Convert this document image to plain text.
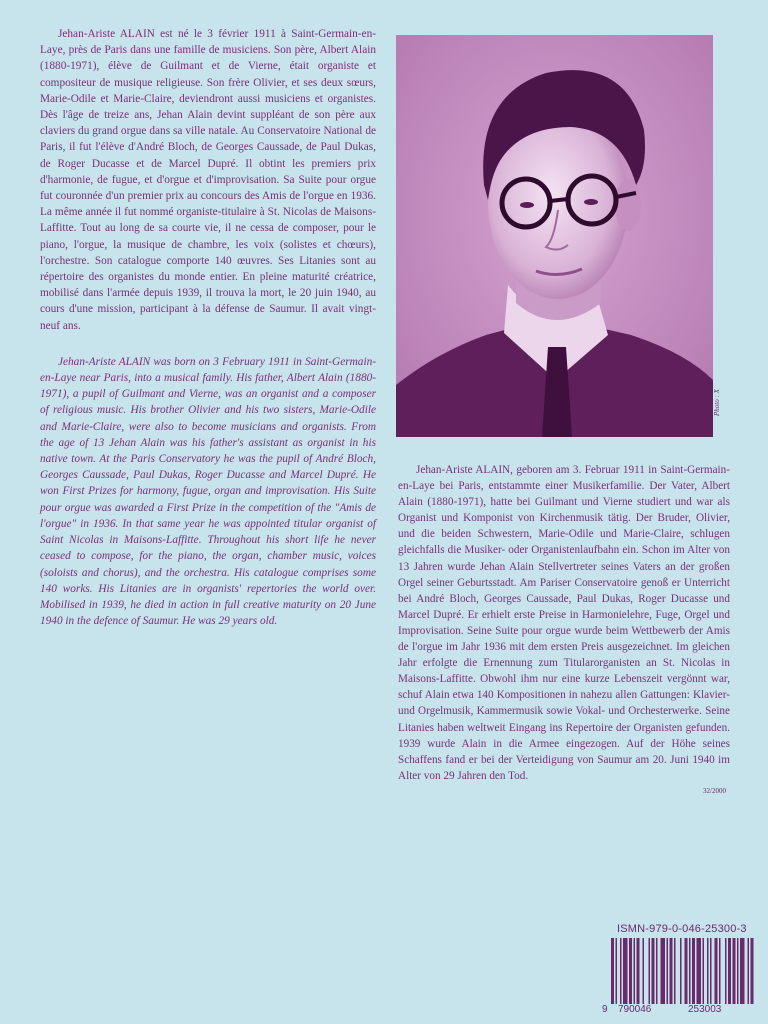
Jehan-Ariste ALAIN est né le 3 février 1911 à Saint-Germain-en-Laye, près de Paris dans une famille de musiciens. Son père, Albert Alain (1880-1971), élève de Guilmant et de Vierne, était organiste et compositeur de musique religieuse. Son frère Olivier, et ses deux sœurs, Marie-Odile et Marie-Claire, deviendront aussi musiciens et organistes. Dès l'âge de treize ans, Jehan Alain devint suppléant de son père aux claviers du grand orgue dans sa ville natale. Au Conservatoire National de Paris, il fut l'élève d'André Bloch, de Georges Caussade, de Paul Dukas, de Roger Ducasse et de Marcel Dupré. Il obtint les premiers prix d'harmonie, de fugue, et d'orgue et d'improvisation. Sa Suite pour orgue fut couronnée d'un premier prix au concours des Amis de l'orgue en 1936. La même année il fut nommé organiste-titulaire à St. Nicolas de Maisons-Laffitte. Tout au long de sa courte vie, il ne cessa de composer, pour le piano, l'orgue, la musique de chambre, les voix (solistes et chœurs), l'orchestre. Son catalogue comporte 140 œuvres. Ses Litanies sont au répertoire des organistes du monde entier. En pleine maturité créatrice, mobilisé dans l'armée depuis 1939, il trouva la mort, le 20 juin 1940, au cours d'une mission, participant à la défense de Saumur. Il avait vingt-neuf ans.

Jehan-Ariste ALAIN was born on 3 February 1911 in Saint-Germain-en-Laye near Paris, into a musical family. His father, Albert Alain (1880-1971), a pupil of Guilmant and Vierne, was an organist and a composer of religious music. His brother Olivier and his two sisters, Marie-Odile and Marie-Claire, were also to become musicians and organists. From the age of 13 Jehan Alain was his father's assistant as organist in his native town. At the Paris Conservatory he was the pupil of André Bloch, Georges Caussade, Paul Dukas, Roger Ducasse and Marcel Dupré. He won First Prizes for harmony, fugue, organ and improvisation. His Suite pour orgue was awarded a First Prize in the competition of the "Amis de l'orgue" in 1936. In that same year he was appointed titular organist of Saint Nicolas in Maisons-Laffitte. Throughout his short life he never ceased to compose, for the piano, the organ, chamber music, voices (soloists and chorus), and the orchestra. His catalogue comprises some 140 works. His Litanies are in organists' repertories the world over. Mobilised in 1939, he died in action in full creative maturity on 20 June 1940 in the defence of Saumur. He was 29 years old.

Photo : X

Jehan-Ariste ALAIN, geboren am 3. Februar 1911 in Saint-Germain-en-Laye bei Paris, entstammte einer Musikerfamilie. Der Vater, Albert Alain (1880-1971), hatte bei Guilmant und Vierne studiert und war als Organist und Komponist von Kirchenmusik tätig. Der Bruder, Olivier, und die beiden Schwestern, Marie-Odile und Marie-Claire, schlugen gleichfalls die Musiker- oder Organistenlaufbahn ein. Schon im Alter von 13 Jahren wurde Jehan Alain Stellvertreter seines Vaters an der großen Orgel seiner Geburtsstadt. Am Pariser Conservatoire genoß er Unterricht bei André Bloch, Georges Caussade, Paul Dukas, Roger Ducasse und Marcel Dupré. Er erhielt erste Preise in Harmonielehre, Fuge, Orgel und Improvisation. Seine Suite pour orgue wurde beim Wettbewerb der Amis de l'orgue im Jahr 1936 mit dem ersten Preis ausgezeichnet. Im gleichen Jahr erfolgte die Ernennung zum Titularorganisten an St. Nicolas in Maisons-Laffitte. Obwohl ihm nur eine kurze Lebenszeit vergönnt war, schuf Alain etwa 140 Kompositionen in nahezu allen Gattungen: Klavier- und Orgelmusik, Kammermusik sowie Vokal- und Orchesterwerke. Seine Litanies haben weltweit Eingang ins Repertoire der Organisten gefunden. 1939 wurde Alain in die Armee eingezogen. Auf der Höhe seines Schaffens fand er bei der Verteidigung von Saumur am 20. Juni 1940 im Alter von 29 Jahren den Tod.

32/2000
ISMN-979-0-046-25300-3
9 790046	253003
